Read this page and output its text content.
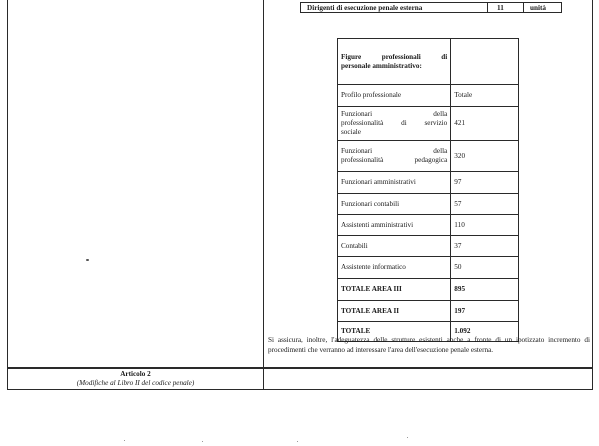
Dirigenti di esecuzione penale esterna	11	unità
Figure professionali di
personale amministrativo:	

Profilo professionale	Totale

Funzionari della
professionalità di servizio
sociale	421

Funzionari della
professionalità pedagogica	320
Funzionari amministrativi	97
Funzionari contabili	57
Assistenti amministrativi	110
Contabili	37
Assistente informatico	50
TOTALE AREA III	895
TOTALE AREA II	197
TOTALE	1.092
Si assicura, inoltre, l'adeguatezza delle strutture esistenti anche a fronte di un ipotizzato incremento di procedimenti che verranno ad interessare l'area dell'esecuzione penale esterna.
Articolo 2
(Modifiche al Libro II del codice penale)
